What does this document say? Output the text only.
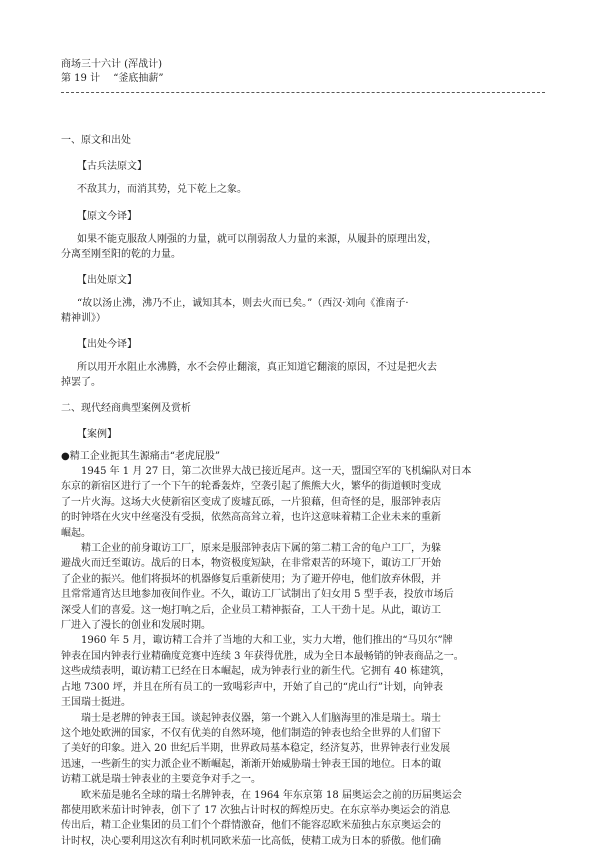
商场三十六计 (浑战计)
第 19 计　 “釜底抽薪”
一、原文和出处
【古兵法原文】
不敌其力，而消其势，兑下乾上之象。
【原文今译】
如果不能克服敌人刚强的力量，就可以削弱敌人力量的来源，从履卦的原理出发，
分离至刚至阳的乾的力量。
【出处原文】
“故以汤止沸，沸乃不止，诚知其本，则去火而已矣。”（西汉·刘向《淮南子·
精神训》）
【出处今译】
所以用开水阻止水沸腾，水不会停止翻滚，真正知道它翻滚的原因，不过是把火去
掉罢了。
二、现代经商典型案例及赏析
【案例】
●精工企业扼其生源痛击“老虎屁股”
　　1945 年 1 月 27 日，第二次世界大战已接近尾声。这一天，盟国空军的飞机编队对日本
东京的新宿区进行了一个下午的轮番轰炸，空袭引起了熊熊大火，繁华的街道顿时变成
了一片火海。这场大火使新宿区变成了废墟瓦砾，一片狼藉，但奇怪的是，服部钟表店
的时钟塔在火灾中丝毫没有受损，依然高高耸立着，也许这意味着精工企业未来的重新
崛起。
　　精工企业的前身诹访工厂，原来是服部钟表店下属的第二精工舍的龟户工厂，为躲
避战火而迁至诹访。战后的日本，物资极度短缺，在非常艰苦的环境下，诹访工厂开始
了企业的振兴。他们将损坏的机器修复后重新使用；为了避开停电，他们放弃休假，并
且常常通宵达旦地参加夜间作业。不久，诹访工厂试制出了妇女用 5 型手表，投放市场后
深受人们的喜爱。这一炮打响之后，企业员工精神振奋，工人干劲十足。从此，诹访工
厂进入了漫长的创业和发展时期。
　　1960 年 5 月，诹访精工合并了当地的大和工业，实力大增，他们推出的“马贝尔”牌
钟表在国内钟表行业精确度竞赛中连续 3 年获得优胜，成为全日本最畅销的钟表商品之一。
这些成绩表明，诹访精工已经在日本崛起，成为钟表行业的新生代。它拥有 40 栋建筑，
占地 7300 坪，并且在所有员工的一致喝彩声中，开始了自己的“虎山行”计划，向钟表
王国瑞士挺进。
　　瑞士是老牌的钟表王国。谈起钟表仪器，第一个跳入人们脑海里的准是瑞士。瑞士
这个地处欧洲的国家，不仅有优美的自然环境，他们制造的钟表也给全世界的人们留下
了美好的印象。进入 20 世纪后半期，世界政局基本稳定，经济复苏，世界钟表行业发展
迅速，一些新生的实力派企业不断崛起，渐渐开始威胁瑞士钟表王国的地位。日本的诹
访精工就是瑞士钟表业的主要竞争对手之一。
　　欧米茄是驰名全球的瑞士名牌钟表，在 1964 年东京第 18 届奥运会之前的历届奥运会
都使用欧米茄计时钟表，创下了 17 次独占计时权的辉煌历史。在东京举办奥运会的消息
传出后，精工企业集团的员工们个个群情激奋，他们不能容忍欧米茄独占东京奥运会的
计时权，决心要利用这次有利时机同欧米茄一比高低，使精工成为日本的骄傲。他们确
